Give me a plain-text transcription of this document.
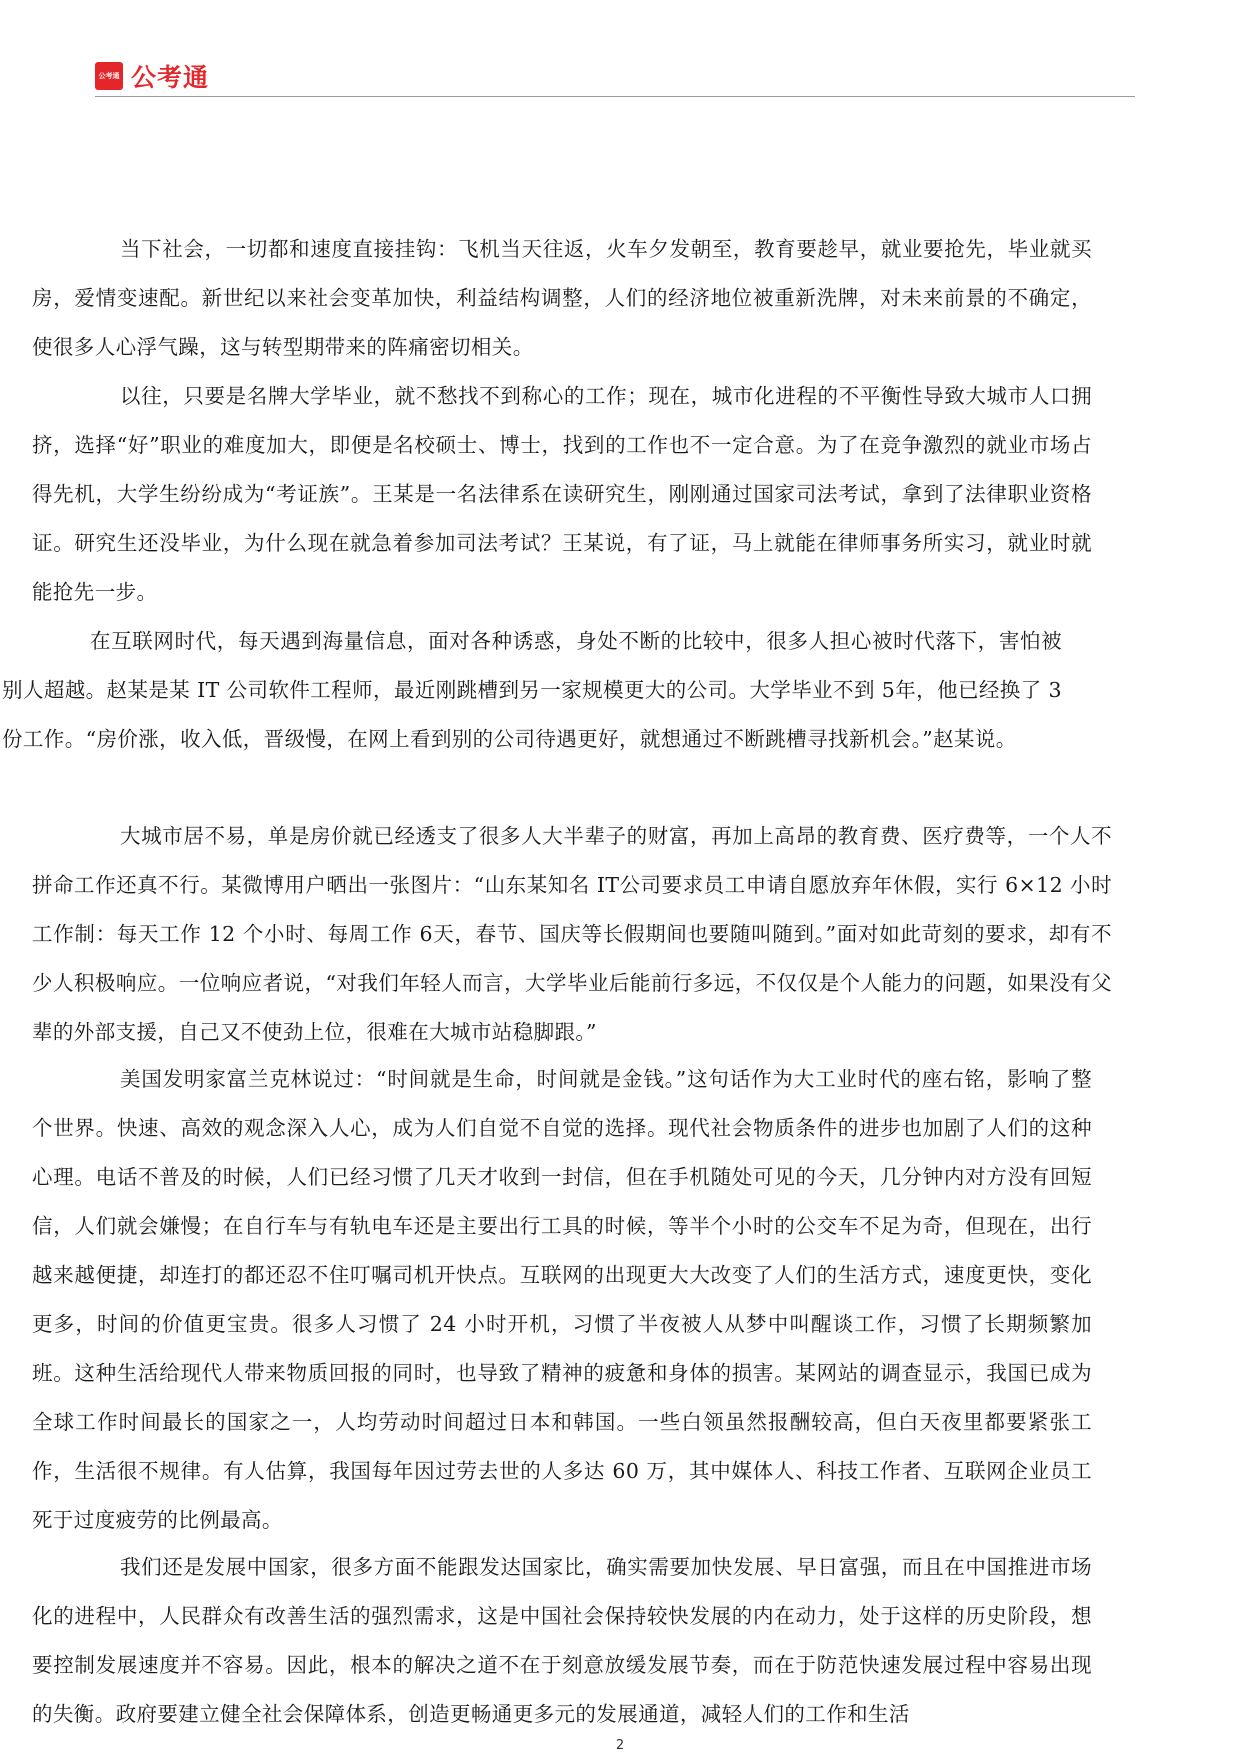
公考通 公考通

当下社会，一切都和速度直接挂钩：飞机当天往返，火车夕发朝至，教育要趁早，就业要抢先，毕业就买房，爱情变速配。新世纪以来社会变革加快，利益结构调整，人们的经济地位被重新洗牌，对未来前景的不确定，使很多人心浮气躁，这与转型期带来的阵痛密切相关。

以往，只要是名牌大学毕业，就不愁找不到称心的工作；现在，城市化进程的不平衡性导致大城市人口拥挤，选择“好”职业的难度加大，即便是名校硕士、博士，找到的工作也不一定合意。为了在竞争激烈的就业市场占得先机，大学生纷纷成为“考证族”。王某是一名法律系在读研究生，刚刚通过国家司法考试，拿到了法律职业资格证。研究生还没毕业，为什么现在就急着参加司法考试？王某说，有了证，马上就能在律师事务所实习，就业时就能抢先一步。

在互联网时代，每天遇到海量信息，面对各种诱惑，身处不断的比较中，很多人担心被时代落下，害怕被别人超越。赵某是某 IT 公司软件工程师，最近刚跳槽到另一家规模更大的公司。大学毕业不到 5年，他已经换了 3份工作。“房价涨，收入低，晋级慢，在网上看到别的公司待遇更好，就想通过不断跳槽寻找新机会。”赵某说。

大城市居不易，单是房价就已经透支了很多人大半辈子的财富，再加上高昂的教育费、医疗费等，一个人不拼命工作还真不行。某微博用户晒出一张图片：“山东某知名 IT公司要求员工申请自愿放弃年休假，实行 6×12 小时工作制：每天工作 12 个小时、每周工作 6天，春节、国庆等长假期间也要随叫随到。”面对如此苛刻的要求，却有不少人积极响应。一位响应者说，“对我们年轻人而言，大学毕业后能前行多远，不仅仅是个人能力的问题，如果没有父辈的外部支援，自己又不使劲上位，很难在大城市站稳脚跟。”

美国发明家富兰克林说过：“时间就是生命，时间就是金钱。”这句话作为大工业时代的座右铭，影响了整个世界。快速、高效的观念深入人心，成为人们自觉不自觉的选择。现代社会物质条件的进步也加剧了人们的这种心理。电话不普及的时候，人们已经习惯了几天才收到一封信，但在手机随处可见的今天，几分钟内对方没有回短信，人们就会嫌慢；在自行车与有轨电车还是主要出行工具的时候，等半个小时的公交车不足为奇，但现在，出行越来越便捷，却连打的都还忍不住叮嘱司机开快点。互联网的出现更大大改变了人们的生活方式，速度更快，变化更多，时间的价值更宝贵。很多人习惯了 24 小时开机，习惯了半夜被人从梦中叫醒谈工作，习惯了长期频繁加班。这种生活给现代人带来物质回报的同时，也导致了精神的疲惫和身体的损害。某网站的调查显示，我国已成为全球工作时间最长的国家之一，人均劳动时间超过日本和韩国。一些白领虽然报酬较高，但白天夜里都要紧张工作，生活很不规律。有人估算，我国每年因过劳去世的人多达 60 万，其中媒体人、科技工作者、互联网企业员工死于过度疲劳的比例最高。

我们还是发展中国家，很多方面不能跟发达国家比，确实需要加快发展、早日富强，而且在中国推进市场化的进程中，人民群众有改善生活的强烈需求，这是中国社会保持较快发展的内在动力，处于这样的历史阶段，想要控制发展速度并不容易。因此，根本的解决之道不在于刻意放缓发展节奏，而在于防范快速发展过程中容易出现的失衡。政府要建立健全社会保障体系，创造更畅通更多元的发展通道，减轻人们的工作和生活

2
